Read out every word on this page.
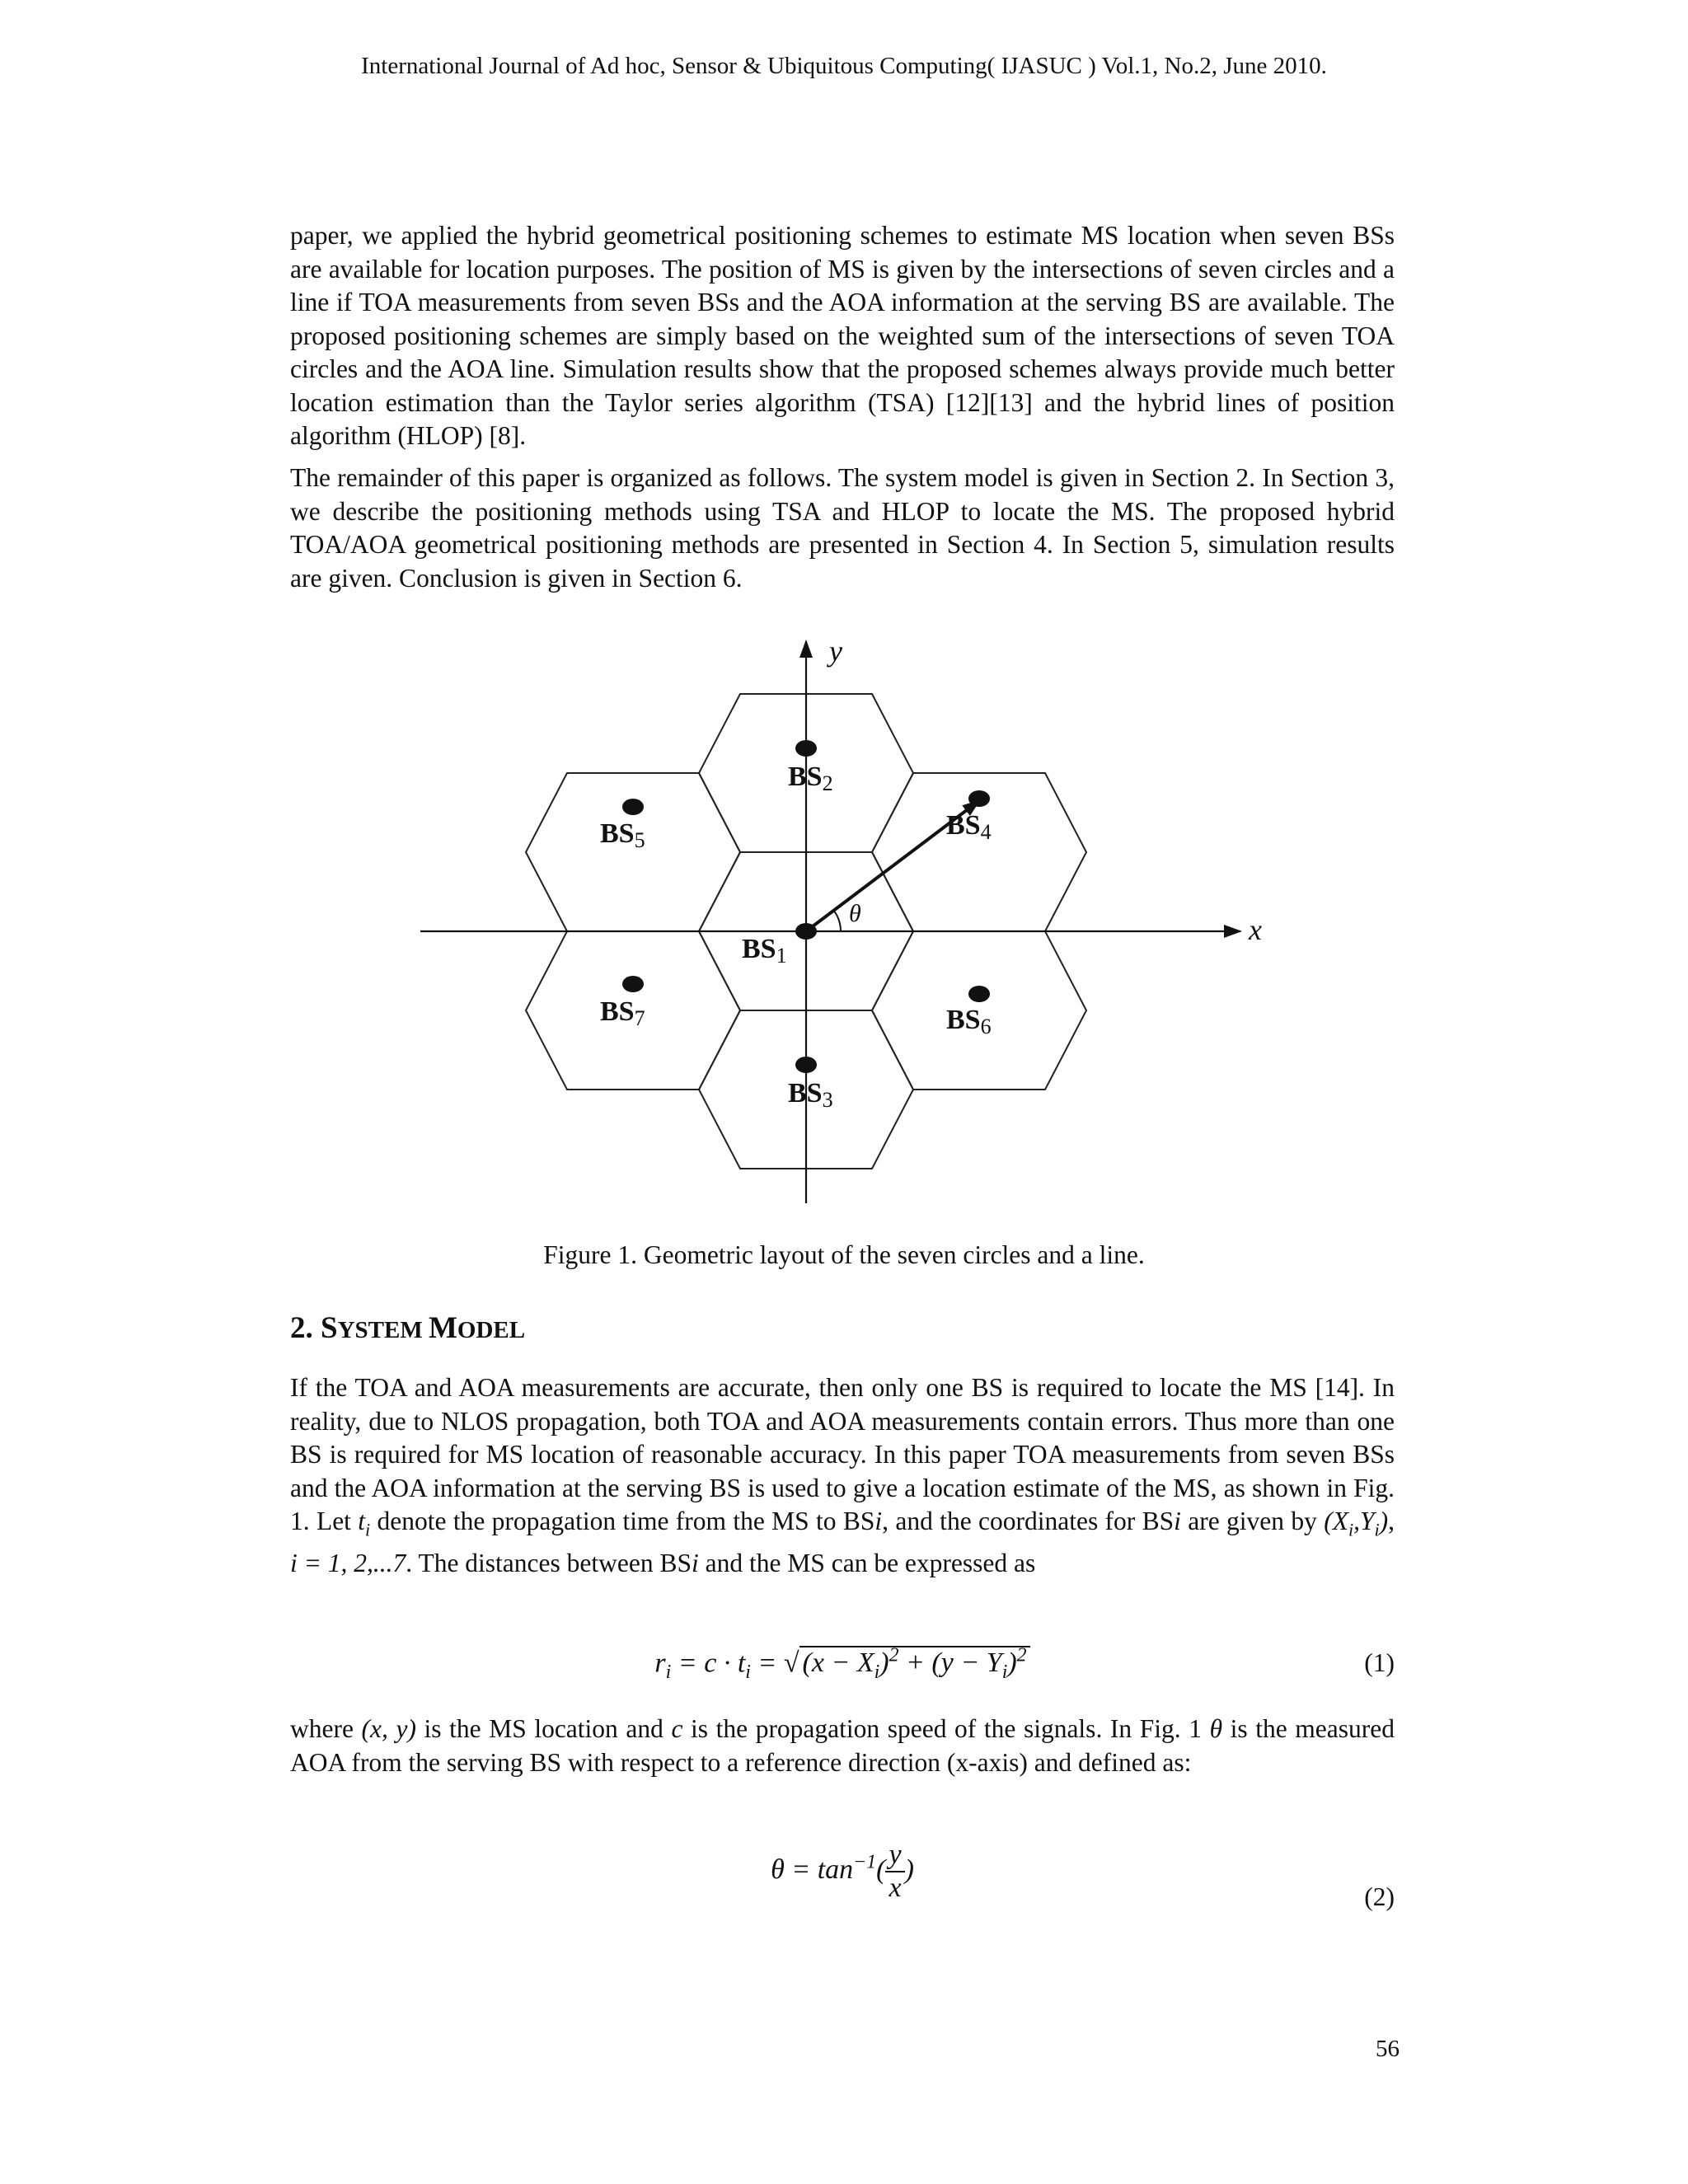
International Journal of Ad hoc, Sensor & Ubiquitous Computing( IJASUC ) Vol.1, No.2, June 2010.
paper, we applied the hybrid geometrical positioning schemes to estimate MS location when seven BSs are available for location purposes. The position of MS is given by the intersections of seven circles and a line if TOA measurements from seven BSs and the AOA information at the serving BS are available. The proposed positioning schemes are simply based on the weighted sum of the intersections of seven TOA circles and the AOA line. Simulation results show that the proposed schemes always provide much better location estimation than the Taylor series algorithm (TSA) [12][13] and the hybrid lines of position algorithm (HLOP) [8].
The remainder of this paper is organized as follows. The system model is given in Section 2. In Section 3, we describe the positioning methods using TSA and HLOP to locate the MS. The proposed hybrid TOA/AOA geometrical positioning methods are presented in Section 4. In Section 5, simulation results are given. Conclusion is given in Section 6.
BS1
BS2
BS3
BS4
BS5
BS6
BS7
y
x
θ
Figure 1. Geometric layout of the seven circles and a line.
2. SYSTEM MODEL
If the TOA and AOA measurements are accurate, then only one BS is required to locate the MS [14]. In reality, due to NLOS propagation, both TOA and AOA measurements contain errors. Thus more than one BS is required for MS location of reasonable accuracy. In this paper TOA measurements from seven BSs and the AOA information at the serving BS is used to give a location estimate of the MS, as shown in Fig. 1. Let $t_i$ denote the propagation time from the MS to BSi, and the coordinates for BSi are given by $(X_i,Y_i)$, i = 1, 2,...7. The distances between BSi and the MS can be expressed as
$r_i = c \cdot t_i$ = √ $(x - X_i)^2 + (y - Y_i)^2$	(1)
where (x, y) is the MS location and c is the propagation speed of the signals. In Fig. 1 θ is the measured AOA from the serving BS with respect to a reference direction (x-axis) and defined as:
$\theta = \tan^{-1}( \frac{y}{x}$ )
(2)
56
